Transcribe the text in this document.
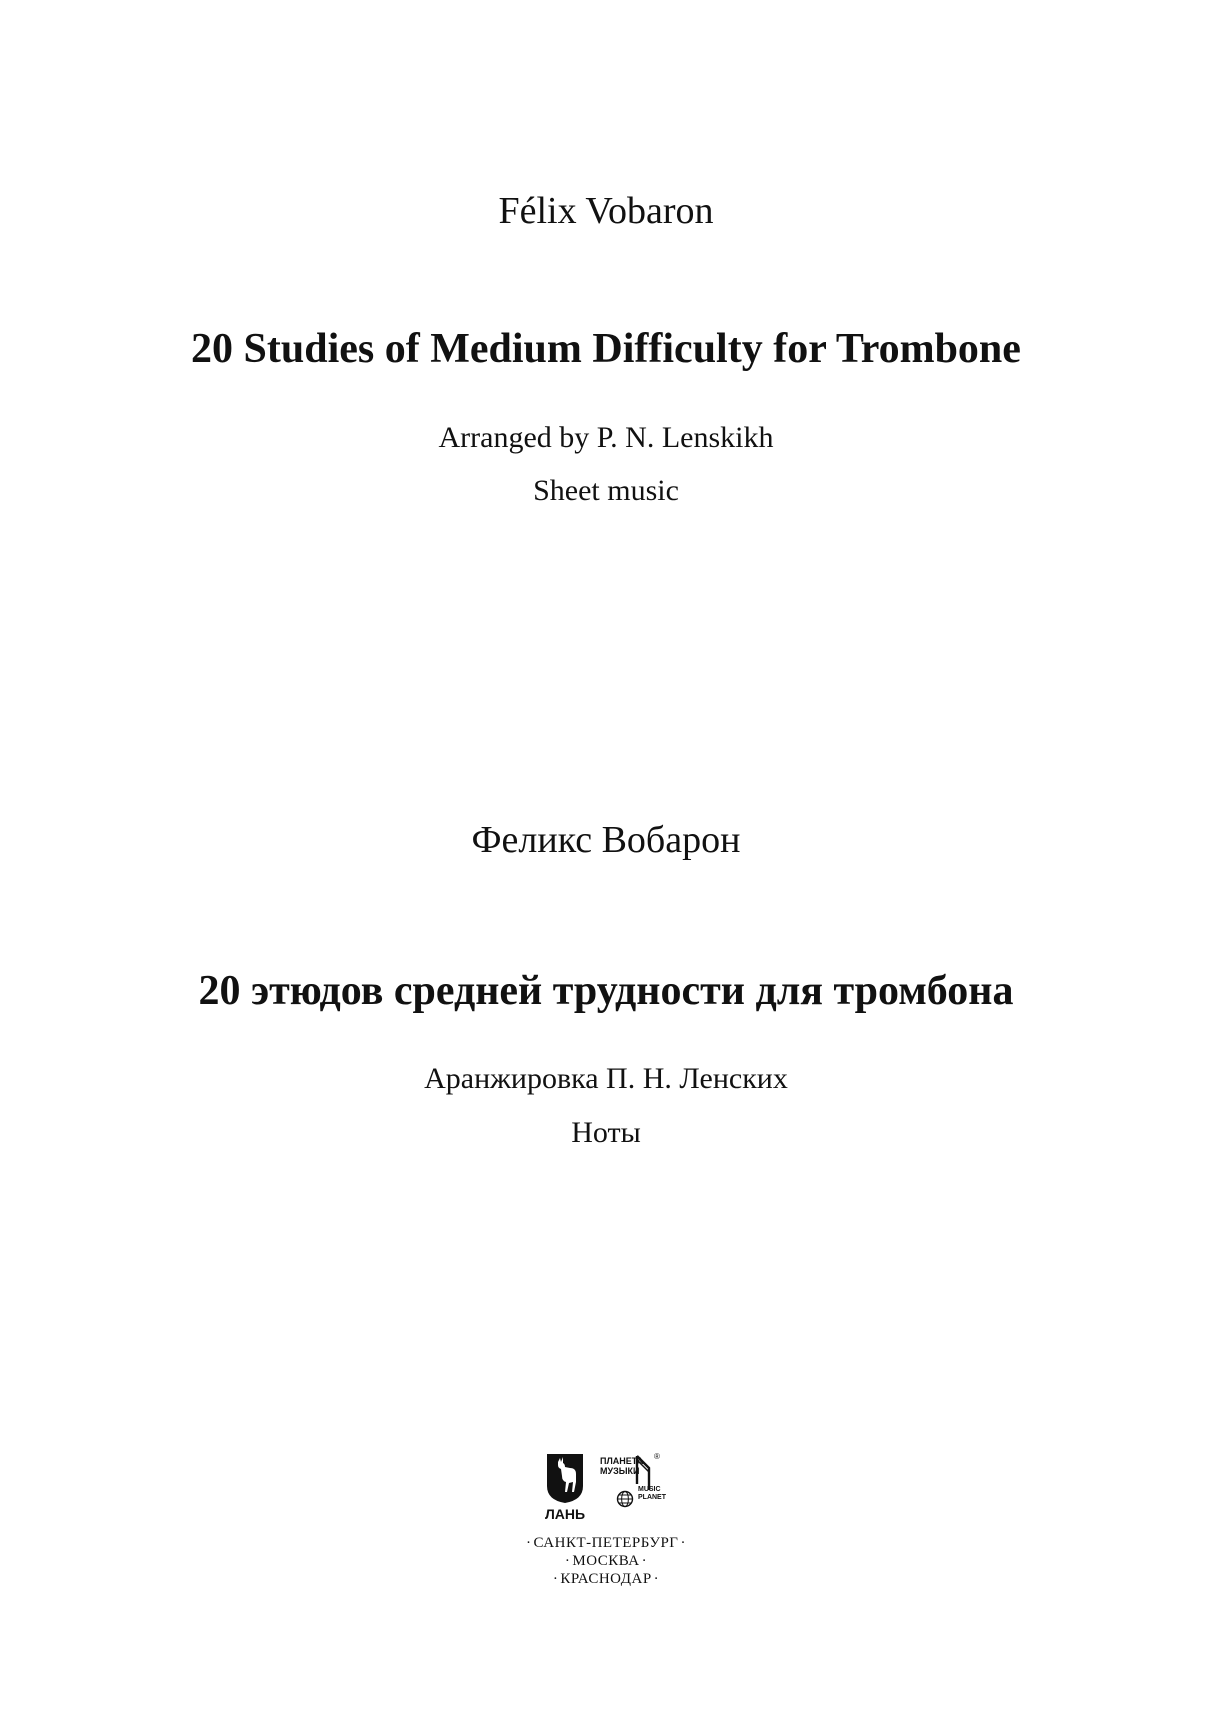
Félix Vobaron
20 Studies of Medium Difficulty for Trombone
Arranged by P. N. Lenskikh
Sheet music
Феликс Вобарон
20 этюдов средней трудности для тромбона
Аранжировка П. Н. Ленских
Ноты
ЛАНЬ
ПЛАНЕТА
МУЗЫКИ
®
MUSIC
PLANET
· САНКТ-ПЕТЕРБУРГ ·
· МОСКВА ·
· КРАСНОДАР ·
